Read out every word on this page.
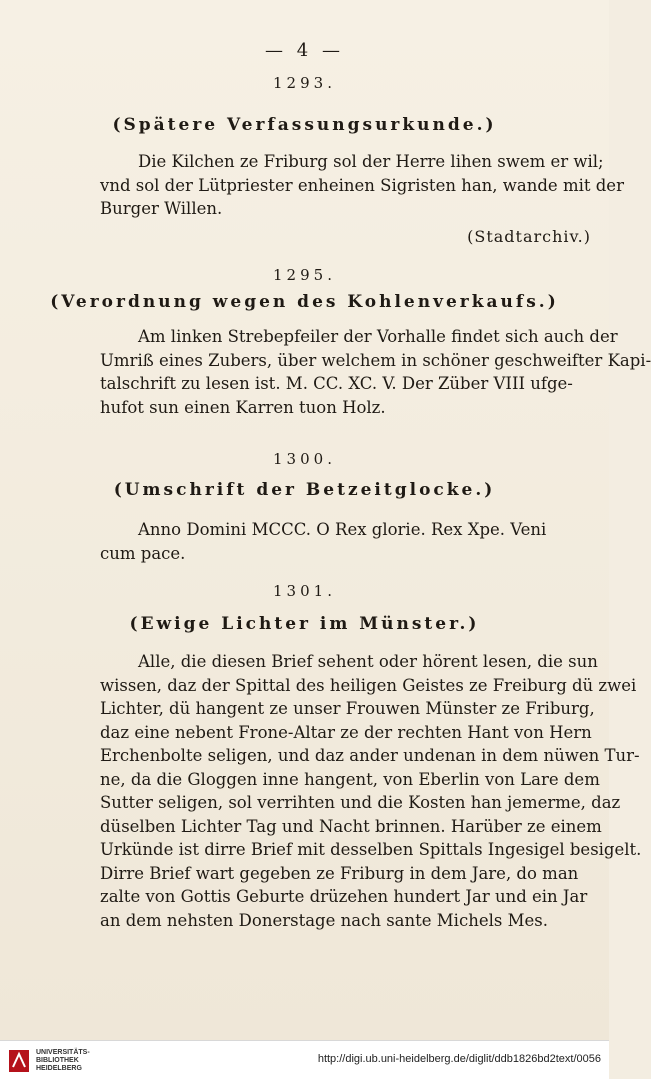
— 4 —
1293.
(Spätere Verfassungsurkunde.)
Die Kilchen ze Friburg sol der Herre lihen swem er wil;
vnd sol der Lütpriester enheinen Sigristen han, wande mit der
Burger Willen.
(Stadtarchiv.)
1295.
(Verordnung wegen des Kohlenverkaufs.)
Am linken Strebepfeiler der Vorhalle findet sich auch der
Umriß eines Zubers, über welchem in schöner geschweifter Kapi-
talschrift zu lesen ist. M. CC. XC. V. Der Züber VIII ufge-
hufot sun einen Karren tuon Holz.
1300.
(Umschrift der Betzeitglocke.)
Anno Domini MCCC. O Rex glorie. Rex Xpe. Veni
cum pace.
1301.
(Ewige Lichter im Münster.)
Alle, die diesen Brief sehent oder hörent lesen, die sun
wissen, daz der Spittal des heiligen Geistes ze Freiburg dü zwei
Lichter, dü hangent ze unser Frouwen Münster ze Friburg,
daz eine nebent Frone-Altar ze der rechten Hant von Hern
Erchenbolte seligen, und daz ander undenan in dem nüwen Tur-
ne, da die Gloggen inne hangent, von Eberlin von Lare dem
Sutter seligen, sol verrihten und die Kosten han jemerme, daz
düselben Lichter Tag und Nacht brinnen. Harüber ze einem
Urkünde ist dirre Brief mit desselben Spittals Ingesigel besigelt.
Dirre Brief wart gegeben ze Friburg in dem Jare, do man
zalte von Gottis Geburte drüzehen hundert Jar und ein Jar
an dem nehsten Donerstage nach sante Michels Mes.
UNIVERSITÄTS-
BIBLIOTHEK
HEIDELBERG
http://digi.ub.uni-heidelberg.de/diglit/ddb1826bd2text/0056
